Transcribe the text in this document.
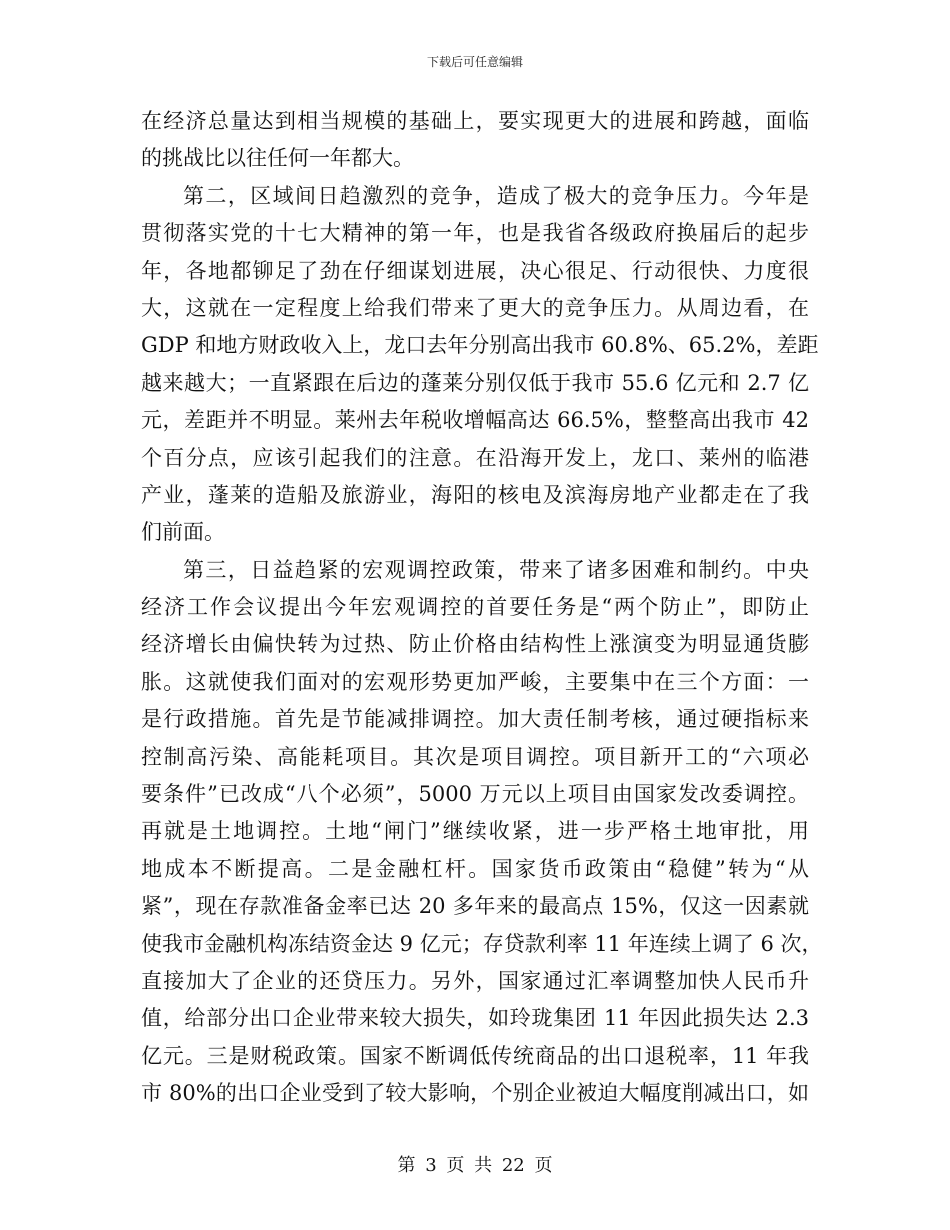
下载后可任意编辑
在经济总量达到相当规模的基础上，要实现更大的进展和跨越，面临
的挑战比以往任何一年都大。
第二，区域间日趋激烈的竞争，造成了极大的竞争压力。今年是
贯彻落实党的十七大精神的第一年，也是我省各级政府换届后的起步
年，各地都铆足了劲在仔细谋划进展，决心很足、行动很快、力度很
大，这就在一定程度上给我们带来了更大的竞争压力。从周边看，在
GDP 和地方财政收入上，龙口去年分别高出我市 60.8%、65.2%，差距
越来越大；一直紧跟在后边的蓬莱分别仅低于我市 55.6 亿元和 2.7 亿
元，差距并不明显。莱州去年税收增幅高达 66.5%，整整高出我市 42
个百分点，应该引起我们的注意。在沿海开发上，龙口、莱州的临港
产业，蓬莱的造船及旅游业，海阳的核电及滨海房地产业都走在了我
们前面。
第三，日益趋紧的宏观调控政策，带来了诸多困难和制约。中央
经济工作会议提出今年宏观调控的首要任务是“两个防止”，即防止
经济增长由偏快转为过热、防止价格由结构性上涨演变为明显通货膨
胀。这就使我们面对的宏观形势更加严峻，主要集中在三个方面：一
是行政措施。首先是节能减排调控。加大责任制考核，通过硬指标来
控制高污染、高能耗项目。其次是项目调控。项目新开工的“六项必
要条件”已改成“八个必须”，5000 万元以上项目由国家发改委调控。
再就是土地调控。土地“闸门”继续收紧，进一步严格土地审批，用
地成本不断提高。二是金融杠杆。国家货币政策由“稳健”转为“从
紧”，现在存款准备金率已达 20 多年来的最高点 15%，仅这一因素就
使我市金融机构冻结资金达 9 亿元；存贷款利率 11 年连续上调了 6 次，
直接加大了企业的还贷压力。另外，国家通过汇率调整加快人民币升
值，给部分出口企业带来较大损失，如玲珑集团 11 年因此损失达 2.3
亿元。三是财税政策。国家不断调低传统商品的出口退税率，11 年我
市 80%的出口企业受到了较大影响，个别企业被迫大幅度削减出口，如
第 3 页 共 22 页
